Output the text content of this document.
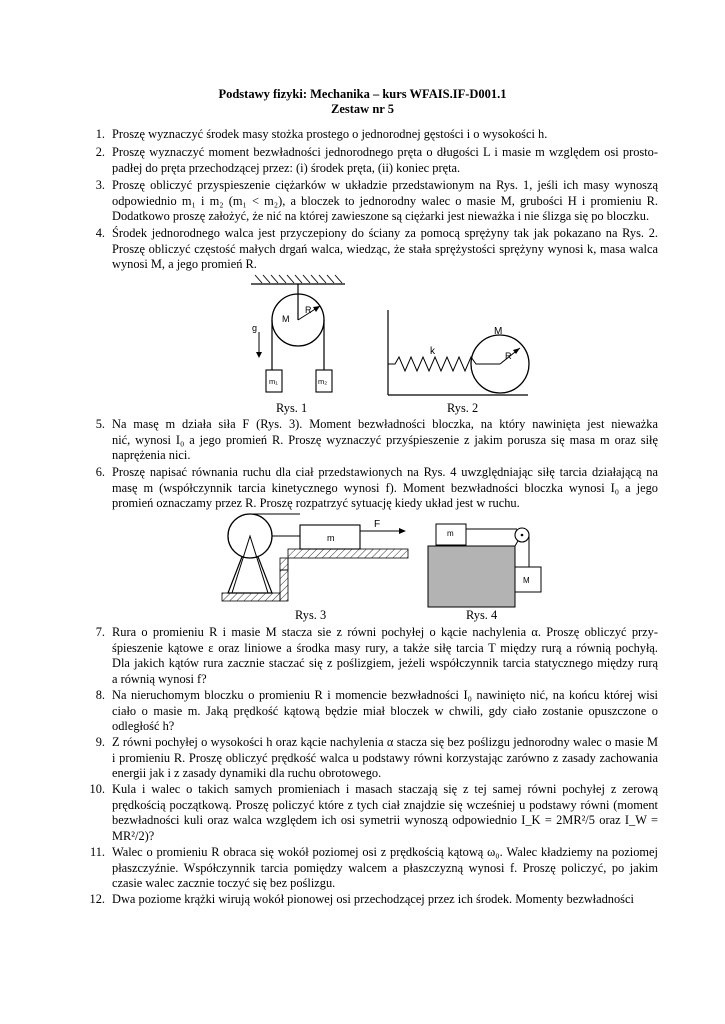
Podstawy fizyki: Mechanika – kurs WFAIS.IF-D001.1
Zestaw nr 5
1. Proszę wyznaczyć środek masy stożka prostego o jednorodnej gęstości i o wysokości h.
2. Proszę wyznaczyć moment bezwładności jednorodnego pręta o długości L i masie m względem osi prosto-
padłej do pręta przechodzącej przez: (i) środek pręta, (ii) koniec pręta.
3. Proszę obliczyć przyspieszenie ciężarków w układzie przedstawionym na Rys. 1, jeśli ich masy wynoszą
odpowiednio m₁ i m₂ (m₁ < m₂), a bloczek to jednorodny walec o masie M, grubości H i promieniu R.
Dodatkowo proszę założyć, że nić na której zawieszone są ciężarki jest nieważka i nie ślizga się po bloczku.
4. Środek jednorodnego walca jest przyczepiony do ściany za pomocą sprężyny tak jak pokazano na Rys. 2.
Proszę obliczyć częstość małych drgań walca, wiedząc, że stała sprężystości sprężyny wynosi k, masa walca
wynosi M, a jego promień R.
M
R
m₁	m₂
g
k
M
R
Rys. 1	Rys. 2
5. Na masę m działa siła F (Rys. 3). Moment bezwładności bloczka, na który nawinięta jest nieważka
nić, wynosi I₀ a jego promień R. Proszę wyznaczyć przyśpieszenie z jakim porusza się masa m oraz siłę
naprężenia nici.
6. Proszę napisać równania ruchu dla ciał przedstawionych na Rys. 4 uwzględniając siłę tarcia działającą na
masę m (współczynnik tarcia kinetycznego wynosi f). Moment bezwładności bloczka wynosi I₀ a jego
promień oznaczamy przez R. Proszę rozpatrzyć sytuację kiedy układ jest w ruchu.
m
F
m
M
Rys. 3	Rys. 4
7. Rura o promieniu R i masie M stacza sie z równi pochyłej o kącie nachylenia α. Proszę obliczyć przy-
śpieszenie kątowe ε oraz liniowe a środka masy rury, a także siłę tarcia T między rurą a równią pochyłą.
Dla jakich kątów rura zacznie staczać się z poślizgiem, jeżeli współczynnik tarcia statycznego między rurą
a równią wynosi f?
8. Na nieruchomym bloczku o promieniu R i momencie bezwładności I₀ nawinięto nić, na końcu której wisi
ciało o masie m. Jaką prędkość kątową będzie miał bloczek w chwili, gdy ciało zostanie opuszczone o
odległość h?
9. Z równi pochyłej o wysokości h oraz kącie nachylenia α stacza się bez poślizgu jednorodny walec o masie M
i promieniu R. Proszę obliczyć prędkość walca u podstawy równi korzystając zarówno z zasady zachowania
energii jak i z zasady dynamiki dla ruchu obrotowego.
10. Kula i walec o takich samych promieniach i masach staczają się z tej samej równi pochyłej z zerową
prędkością początkową. Proszę policzyć które z tych ciał znajdzie się wcześniej u podstawy równi (moment
bezwładności kuli oraz walca względem ich osi symetrii wynoszą odpowiednio I_K = 2MR²/5 oraz I_W =
MR²/2)?
11. Walec o promieniu R obraca się wokół poziomej osi z prędkością kątową ω₀. Walec kładziemy na poziomej
płaszczyźnie. Współczynnik tarcia pomiędzy walcem a płaszczyzną wynosi f. Proszę policzyć, po jakim
czasie walec zacznie toczyć się bez poślizgu.
12. Dwa poziome krążki wirują wokół pionowej osi przechodzącej przez ich środek. Momenty bezwładności
